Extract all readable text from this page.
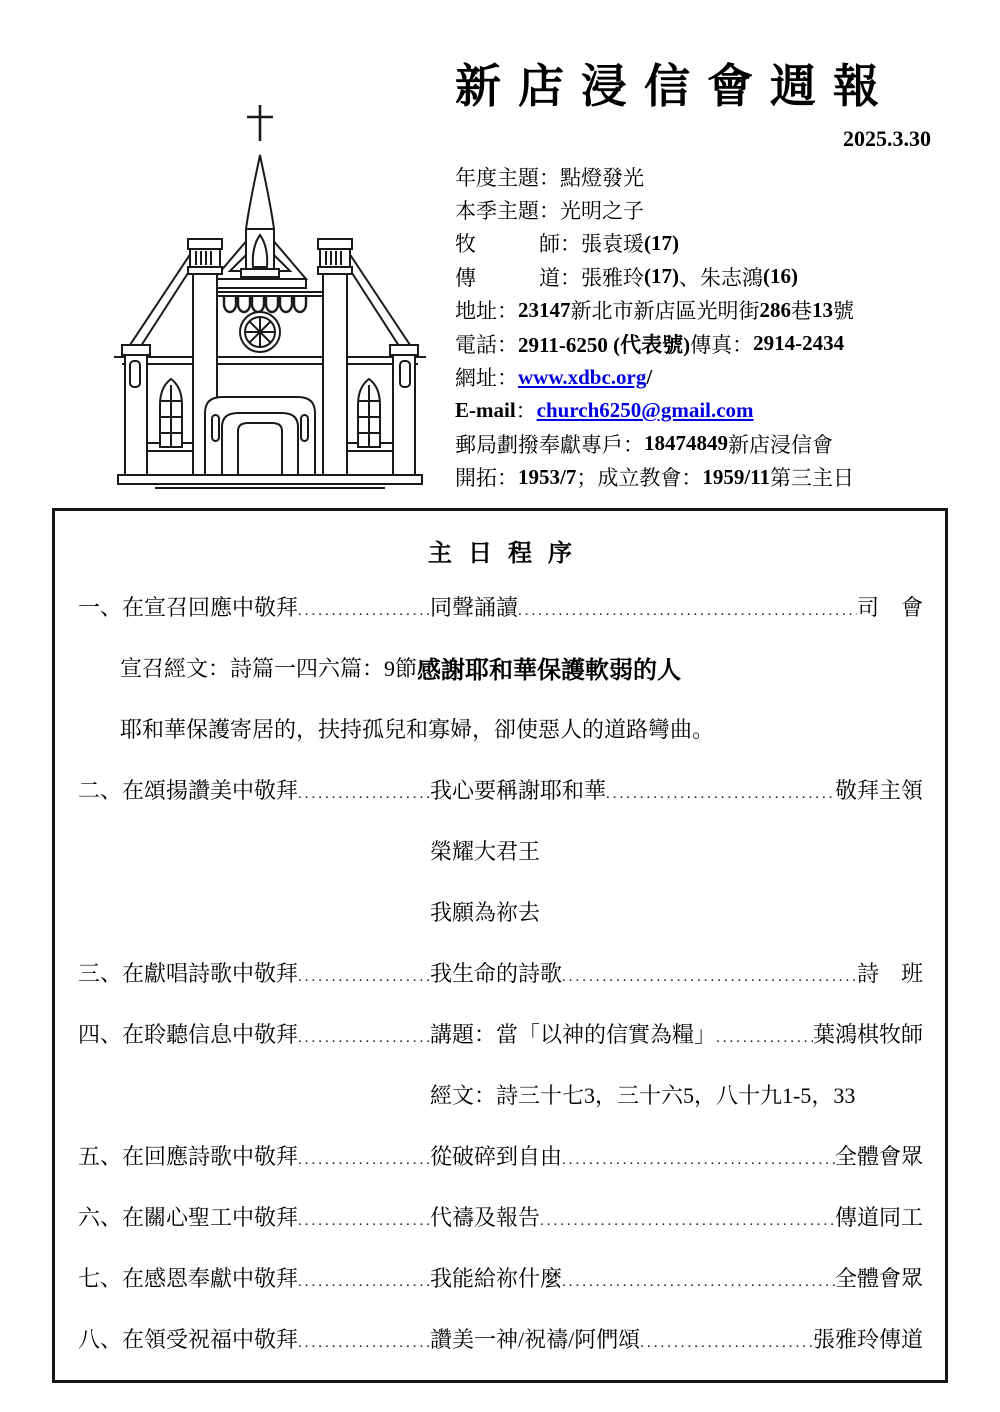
新店浸信會週報
2025.3.30
年度主題：點燈發光
本季主題：光明之子
牧　　　師：張袁瑗 (17)
傳　　　道：張雅玲 (17) 、朱志鴻 (16)
地址： 23147 新北市新店區光明街 286 巷 13 號
電話： 2911-6250 (代表號) 傳真： 2914-2434
網址： www.xdbc.org /
E-mail ： church6250@gmail.com
郵局劃撥奉獻專戶： 18474849 新店浸信會
開拓： 1953/7 ；成立教會： 1959/11 第三主日
主日程序
一、在宣召回應中敬拜 .....	同聲誦讀 .....	司　會
宣召經文：詩篇一四六篇：9節 感謝耶和華保護軟弱的人
耶和華保護寄居的，扶持孤兒和寡婦，卻使惡人的道路彎曲。
二、在頌揚讚美中敬拜 .....	我心要稱謝耶和華 .....	敬拜主領
榮耀大君王
我願為祢去
三、在獻唱詩歌中敬拜 .....	我生命的詩歌 .....	詩　班
四、在聆聽信息中敬拜 .....	講題：當「以神的信實為糧」 .....	葉鴻棋牧師
經文：詩三十七3，三十六5，八十九1-5，33
五、在回應詩歌中敬拜 .....	從破碎到自由 .....	全體會眾
六、在關心聖工中敬拜 .....	代禱及報告 .....	傳道同工
七、在感恩奉獻中敬拜 .....	我能給祢什麼 .....	全體會眾
八、在領受祝福中敬拜 .....	讚美一神/祝禱/阿們頌 .....	張雅玲傳道
